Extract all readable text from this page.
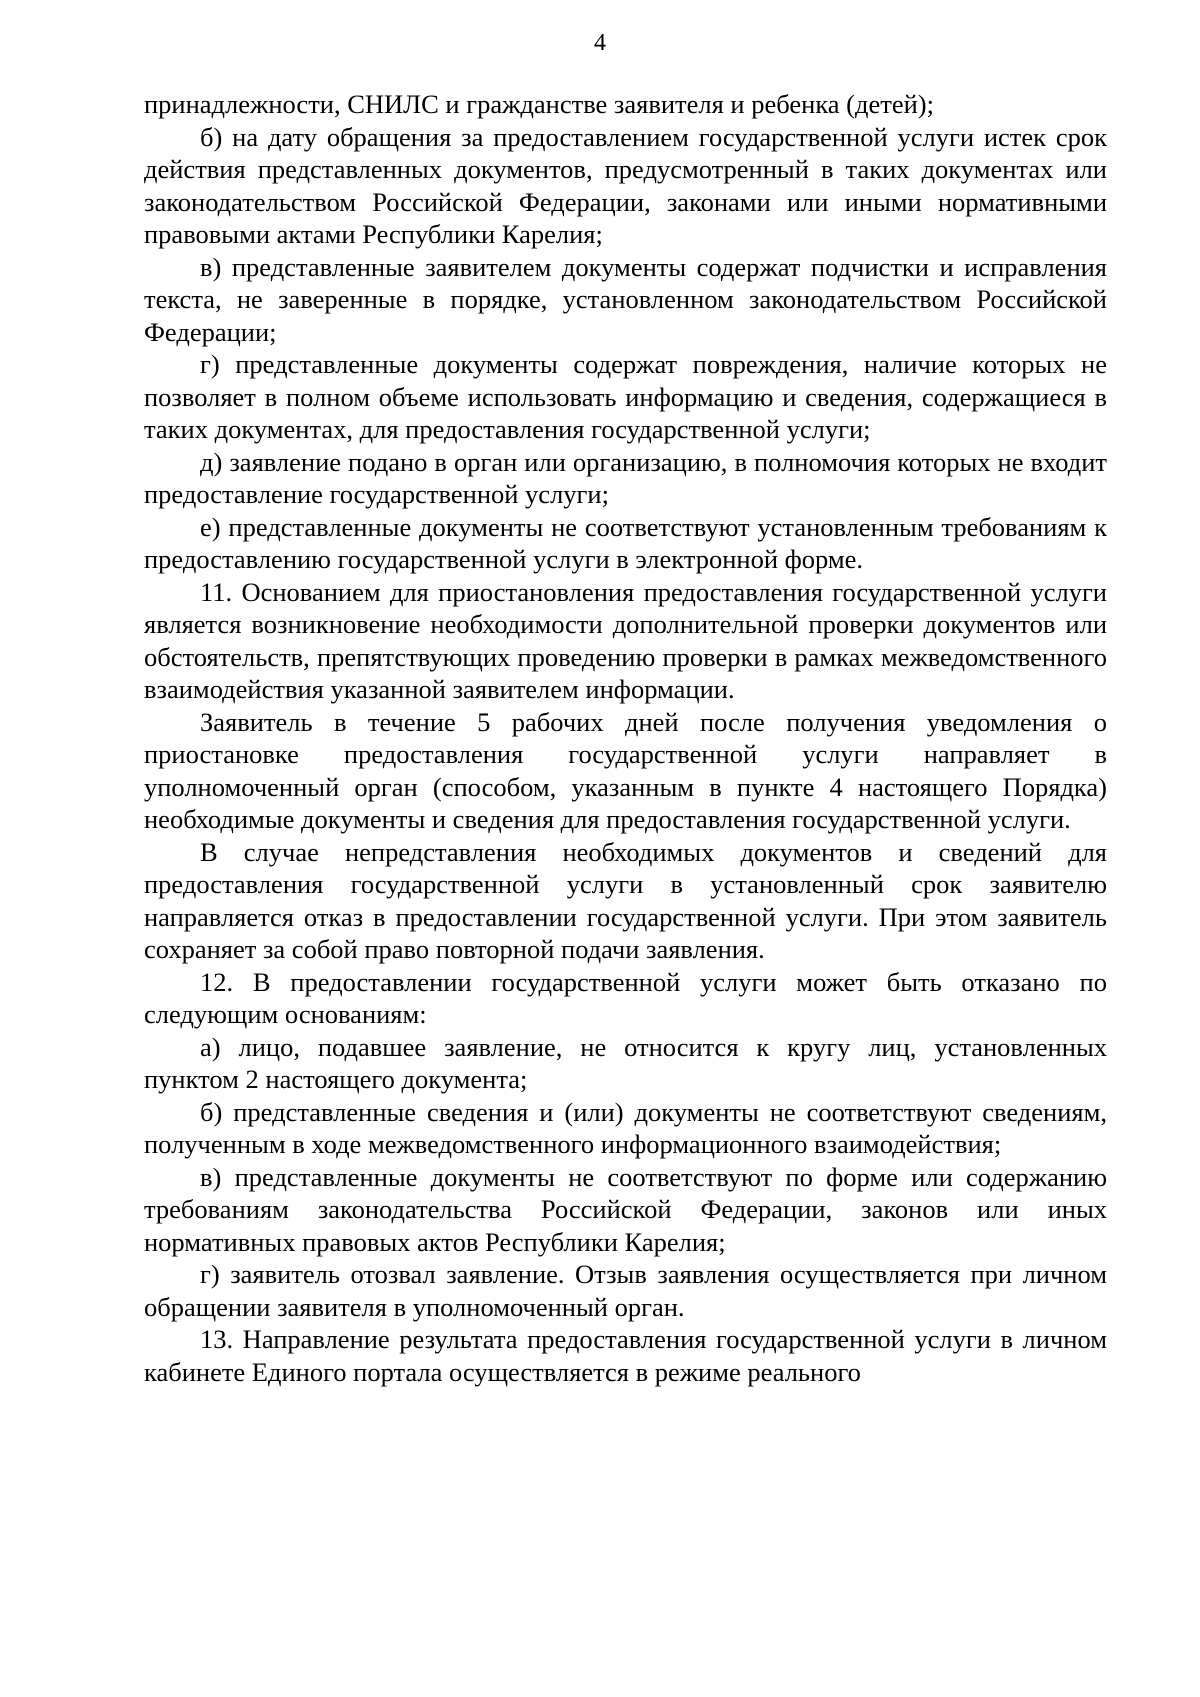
4

принадлежности, СНИЛС и гражданстве заявителя и ребенка (детей);

б) на дату обращения за предоставлением государственной услуги истек срок действия представленных документов, предусмотренный в таких документах или законодательством Российской Федерации, законами или иными нормативными правовыми актами Республики Карелия;

в) представленные заявителем документы содержат подчистки и исправления текста, не заверенные в порядке, установленном законодательством Российской Федерации;

г) представленные документы содержат повреждения, наличие которых не позволяет в полном объеме использовать информацию и сведения, содержащиеся в таких документах, для предоставления государственной услуги;

д) заявление подано в орган или организацию, в полномочия которых не входит предоставление государственной услуги;

е) представленные документы не соответствуют установленным требованиям к предоставлению государственной услуги в электронной форме.

11. Основанием для приостановления предоставления государственной услуги является возникновение необходимости дополнительной проверки документов или обстоятельств, препятствующих проведению проверки в рамках межведомственного взаимодействия указанной заявителем информации.

Заявитель в течение 5 рабочих дней после получения уведомления о приостановке предоставления государственной услуги направляет в уполномоченный орган (способом, указанным в пункте 4 настоящего Порядка) необходимые документы и сведения для предоставления государственной услуги.

В случае непредставления необходимых документов и сведений для предоставления государственной услуги в установленный срок заявителю направляется отказ в предоставлении государственной услуги. При этом заявитель сохраняет за собой право повторной подачи заявления.

12. В предоставлении государственной услуги может быть отказано по следующим основаниям:

а) лицо, подавшее заявление, не относится к кругу лиц, установленных пунктом 2 настоящего документа;

б) представленные сведения и (или) документы не соответствуют сведениям, полученным в ходе межведомственного информационного взаимодействия;

в) представленные документы не соответствуют по форме или содержанию требованиям законодательства Российской Федерации, законов или иных нормативных правовых актов Республики Карелия;

г) заявитель отозвал заявление. Отзыв заявления осуществляется при личном обращении заявителя в уполномоченный орган.

13. Направление результата предоставления государственной услуги в личном кабинете Единого портала осуществляется в режиме реального
